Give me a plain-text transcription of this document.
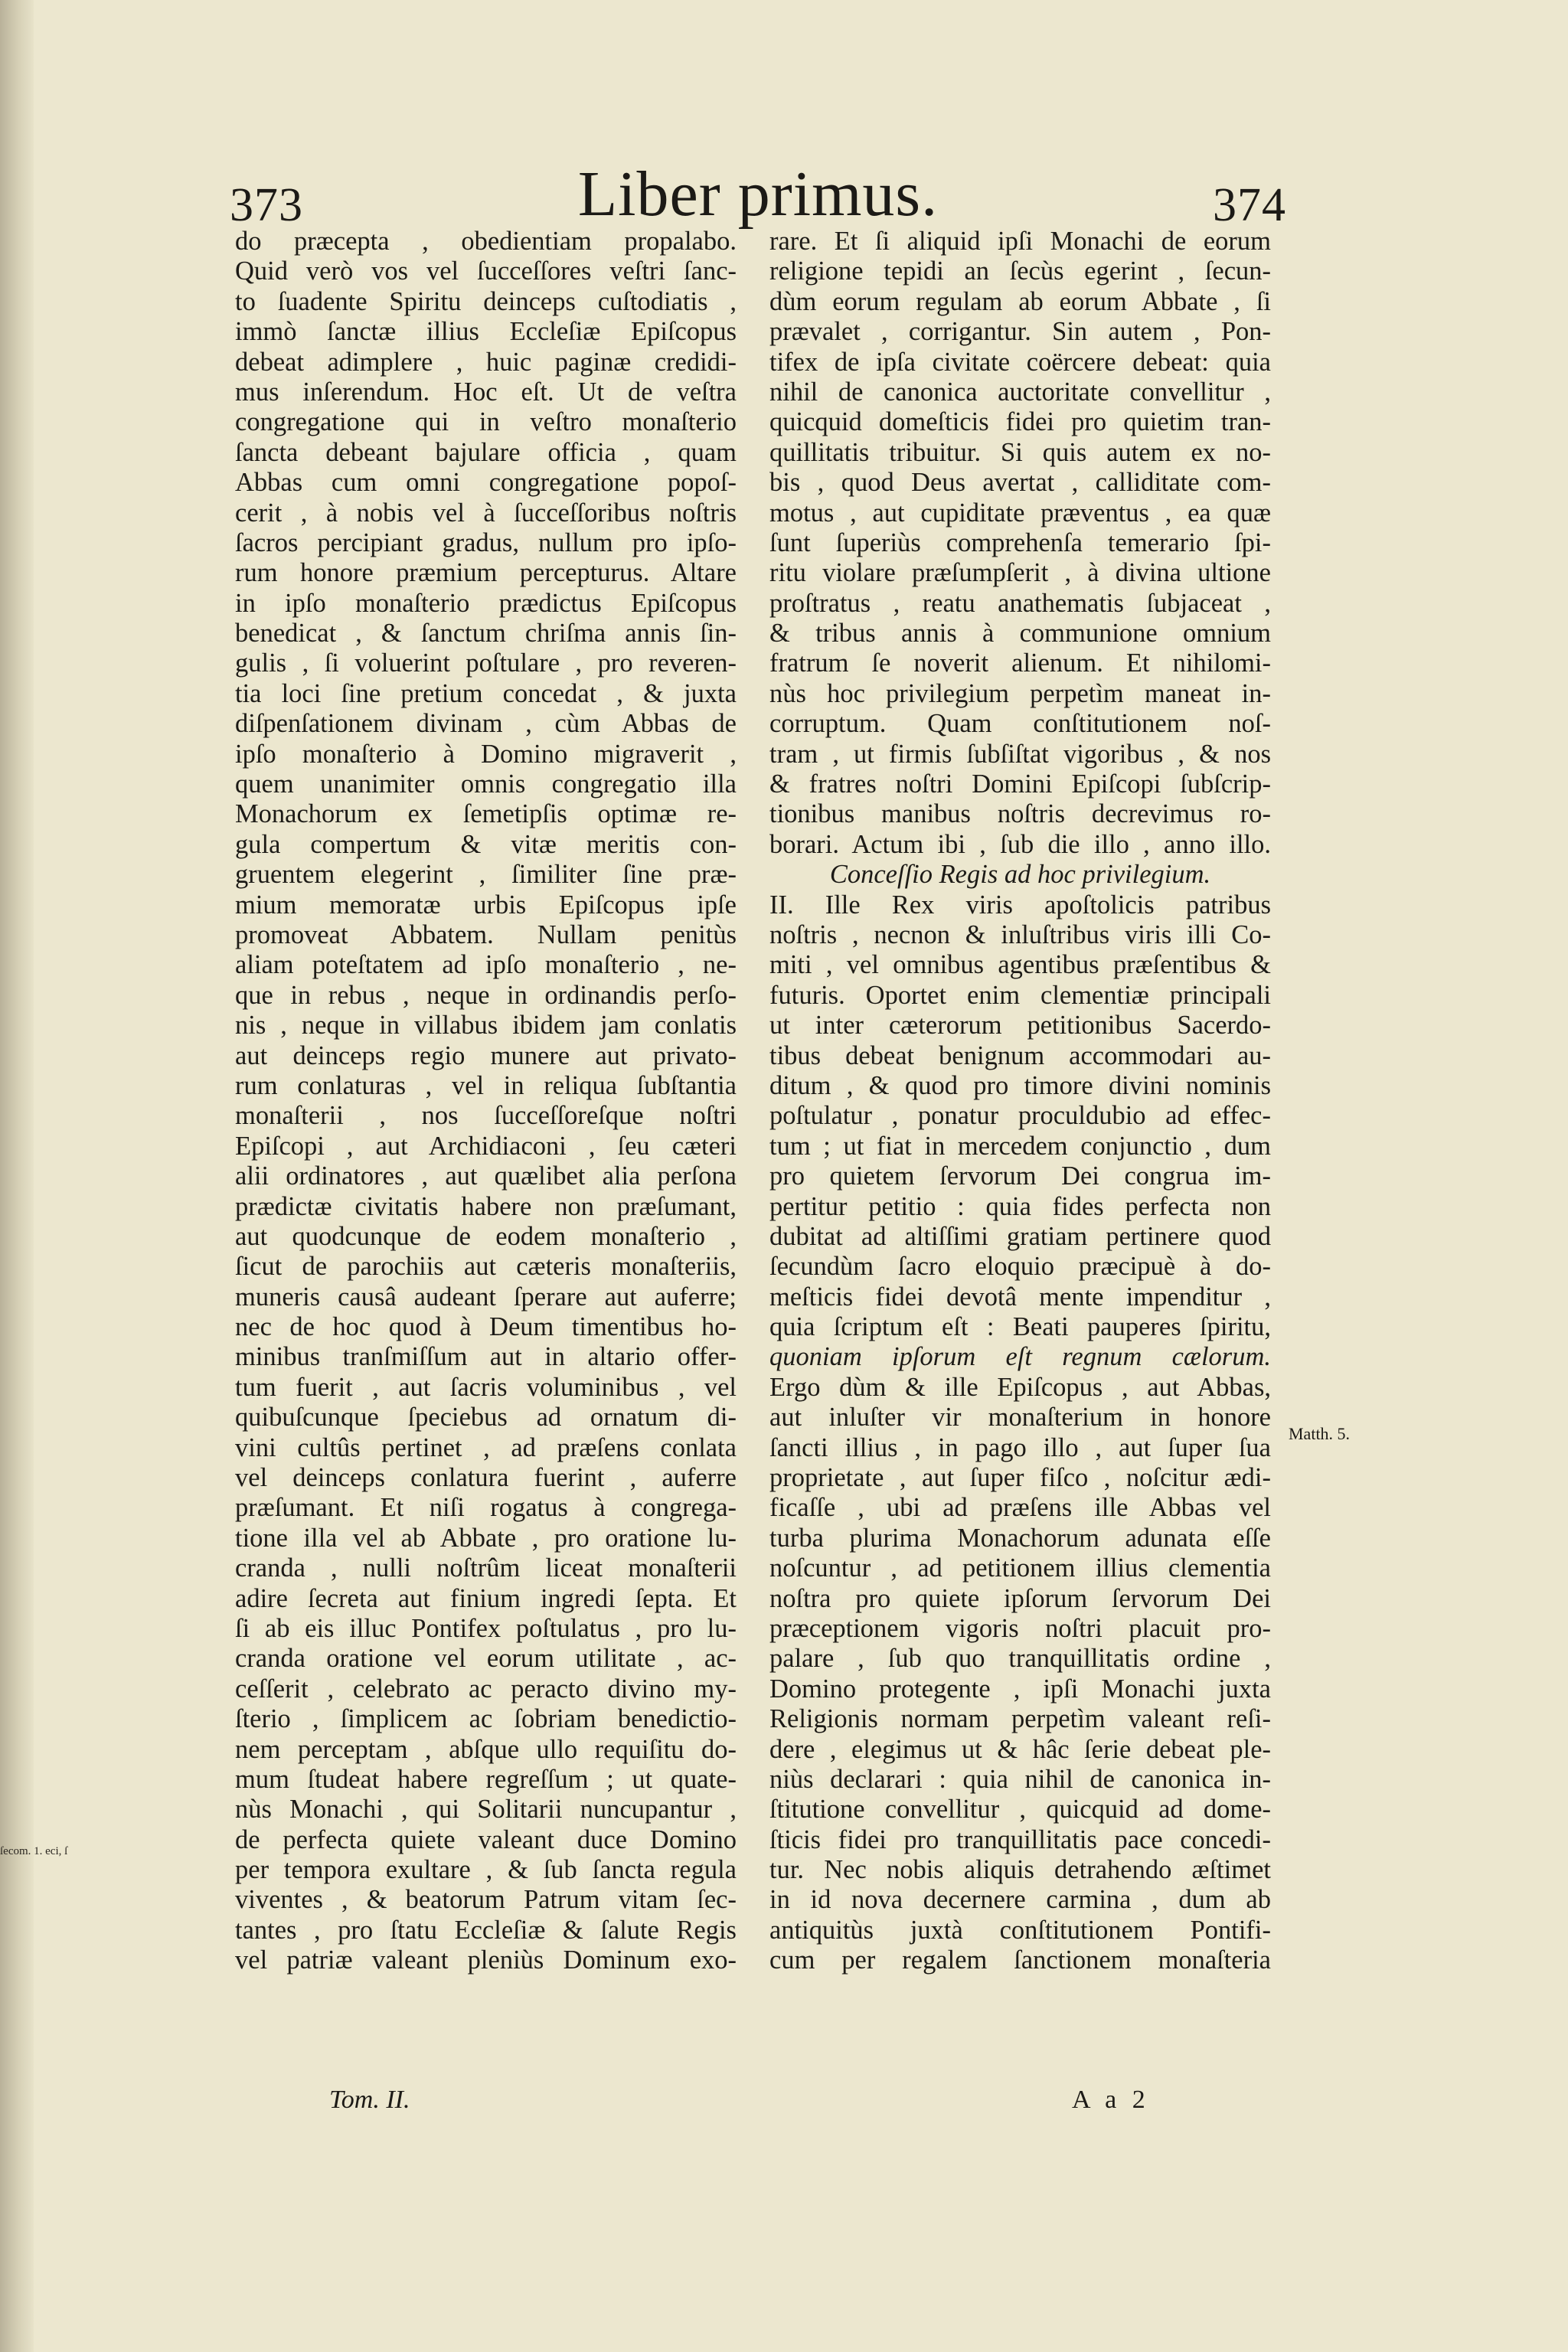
ſecom. 1. eci, ſ
373	Liber primus.	374
do præcepta , obedientiam propalabo.
Quid verò vos vel ſucceſſores veſtri ſanc-
to ſuadente Spiritu deinceps cuſtodiatis ,
immò ſanctæ illius Eccleſiæ Epiſcopus
debeat adimplere , huic paginæ credidi-
mus inſerendum. Hoc eſt. Ut de veſtra
congregatione qui in veſtro monaſterio
ſancta debeant bajulare officia , quam
Abbas cum omni congregatione popoſ-
cerit , à nobis vel à ſucceſſoribus noſtris
ſacros percipiant gradus, nullum pro ipſo-
rum honore præmium percepturus. Altare
in ipſo monaſterio prædictus Epiſcopus
benedicat , & ſanctum chriſma annis ſin-
gulis , ſi voluerint poſtulare , pro reveren-
tia loci ſine pretium concedat , & juxta
diſpenſationem divinam , cùm Abbas de
ipſo monaſterio à Domino migraverit ,
quem unanimiter omnis congregatio illa
Monachorum ex ſemetipſis optimæ re-
gula compertum & vitæ meritis con-
gruentem elegerint , ſimiliter ſine præ-
mium memoratæ urbis Epiſcopus ipſe
promoveat Abbatem. Nullam penitùs
aliam poteſtatem ad ipſo monaſterio , ne-
que in rebus , neque in ordinandis perſo-
nis , neque in villabus ibidem jam conlatis
aut deinceps regio munere aut privato-
rum conlaturas , vel in reliqua ſubſtantia
monaſterii , nos ſucceſſoreſque noſtri
Epiſcopi , aut Archidiaconi , ſeu cæteri
alii ordinatores , aut quælibet alia perſona
prædictæ civitatis habere non præſumant,
aut quodcunque de eodem monaſterio ,
ſicut de parochiis aut cæteris monaſteriis,
muneris causâ audeant ſperare aut auferre;
nec de hoc quod à Deum timentibus ho-
minibus tranſmiſſum aut in altario offer-
tum fuerit , aut ſacris voluminibus , vel
quibuſcunque ſpeciebus ad ornatum di-
vini cultûs pertinet , ad præſens conlata
vel deinceps conlatura fuerint , auferre
præſumant. Et niſi rogatus à congrega-
tione illa vel ab Abbate , pro oratione lu-
cranda , nulli noſtrûm liceat monaſterii
adire ſecreta aut finium ingredi ſepta. Et
ſi ab eis illuc Pontifex poſtulatus , pro lu-
cranda oratione vel eorum utilitate , ac-
ceſſerit , celebrato ac peracto divino my-
ſterio , ſimplicem ac ſobriam benedictio-
nem perceptam , abſque ullo requiſitu do-
mum ſtudeat habere regreſſum ; ut quate-
nùs Monachi , qui Solitarii nuncupantur ,
de perfecta quiete valeant duce Domino
per tempora exultare , & ſub ſancta regula
viventes , & beatorum Patrum vitam ſec-
tantes , pro ſtatu Eccleſiæ & ſalute Regis
vel patriæ valeant pleniùs Dominum exo-
rare. Et ſi aliquid ipſi Monachi de eorum
religione tepidi an ſecùs egerint , ſecun-
dùm eorum regulam ab eorum Abbate , ſi
prævalet , corrigantur. Sin autem , Pon-
tifex de ipſa civitate coërcere debeat: quia
nihil de canonica auctoritate convellitur ,
quicquid domeſticis fidei pro quietim tran-
quillitatis tribuitur. Si quis autem ex no-
bis , quod Deus avertat , calliditate com-
motus , aut cupiditate præventus , ea quæ
ſunt ſuperiùs comprehenſa temerario ſpi-
ritu violare præſumpſerit , à divina ultione
proſtratus , reatu anathematis ſubjaceat ,
& tribus annis à communione omnium
fratrum ſe noverit alienum. Et nihilomi-
nùs hoc privilegium perpetìm maneat in-
corruptum. Quam conſtitutionem noſ-
tram , ut firmis ſubſiſtat vigoribus , & nos
& fratres noſtri Domini Epiſcopi ſubſcrip-
tionibus manibus noſtris decrevimus ro-
borari. Actum ibi , ſub die illo , anno illo.
Conceſſio Regis ad hoc privilegium.
II. Ille Rex viris apoſtolicis patribus
noſtris , necnon & inluſtribus viris illi Co-
miti , vel omnibus agentibus præſentibus &
futuris. Oportet enim clementiæ principali
ut inter cæterorum petitionibus Sacerdo-
tibus debeat benignum accommodari au-
ditum , & quod pro timore divini nominis
poſtulatur , ponatur proculdubio ad effec-
tum ; ut fiat in mercedem conjunctio , dum
pro quietem ſervorum Dei congrua im-
pertitur petitio : quia fides perfecta non
dubitat ad altiſſimi gratiam pertinere quod
ſecundùm ſacro eloquio præcipuè à do-
meſticis fidei devotâ mente impenditur ,
quia ſcriptum eſt : Beati pauperes ſpiritu,
quoniam ipſorum eſt regnum cælorum.
Ergo dùm & ille Epiſcopus , aut Abbas,
aut inluſter vir monaſterium in honore
ſancti illius , in pago illo , aut ſuper ſua
proprietate , aut ſuper fiſco , noſcitur ædi-
ficaſſe , ubi ad præſens ille Abbas vel
turba plurima Monachorum adunata eſſe
noſcuntur , ad petitionem illius clementia
noſtra pro quiete ipſorum ſervorum Dei
præceptionem vigoris noſtri placuit pro-
palare , ſub quo tranquillitatis ordine ,
Domino protegente , ipſi Monachi juxta
Religionis normam perpetìm valeant reſi-
dere , elegimus ut & hâc ſerie debeat ple-
niùs declarari : quia nihil de canonica in-
ſtitutione convellitur , quicquid ad dome-
ſticis fidei pro tranquillitatis pace concedi-
tur. Nec nobis aliquis detrahendo æſtimet
in id nova decernere carmina , dum ab
antiquitùs juxtà conſtitutionem Pontifi-
cum per regalem ſanctionem monaſteria
Matth. 5.
Tom. II.	A a 2
